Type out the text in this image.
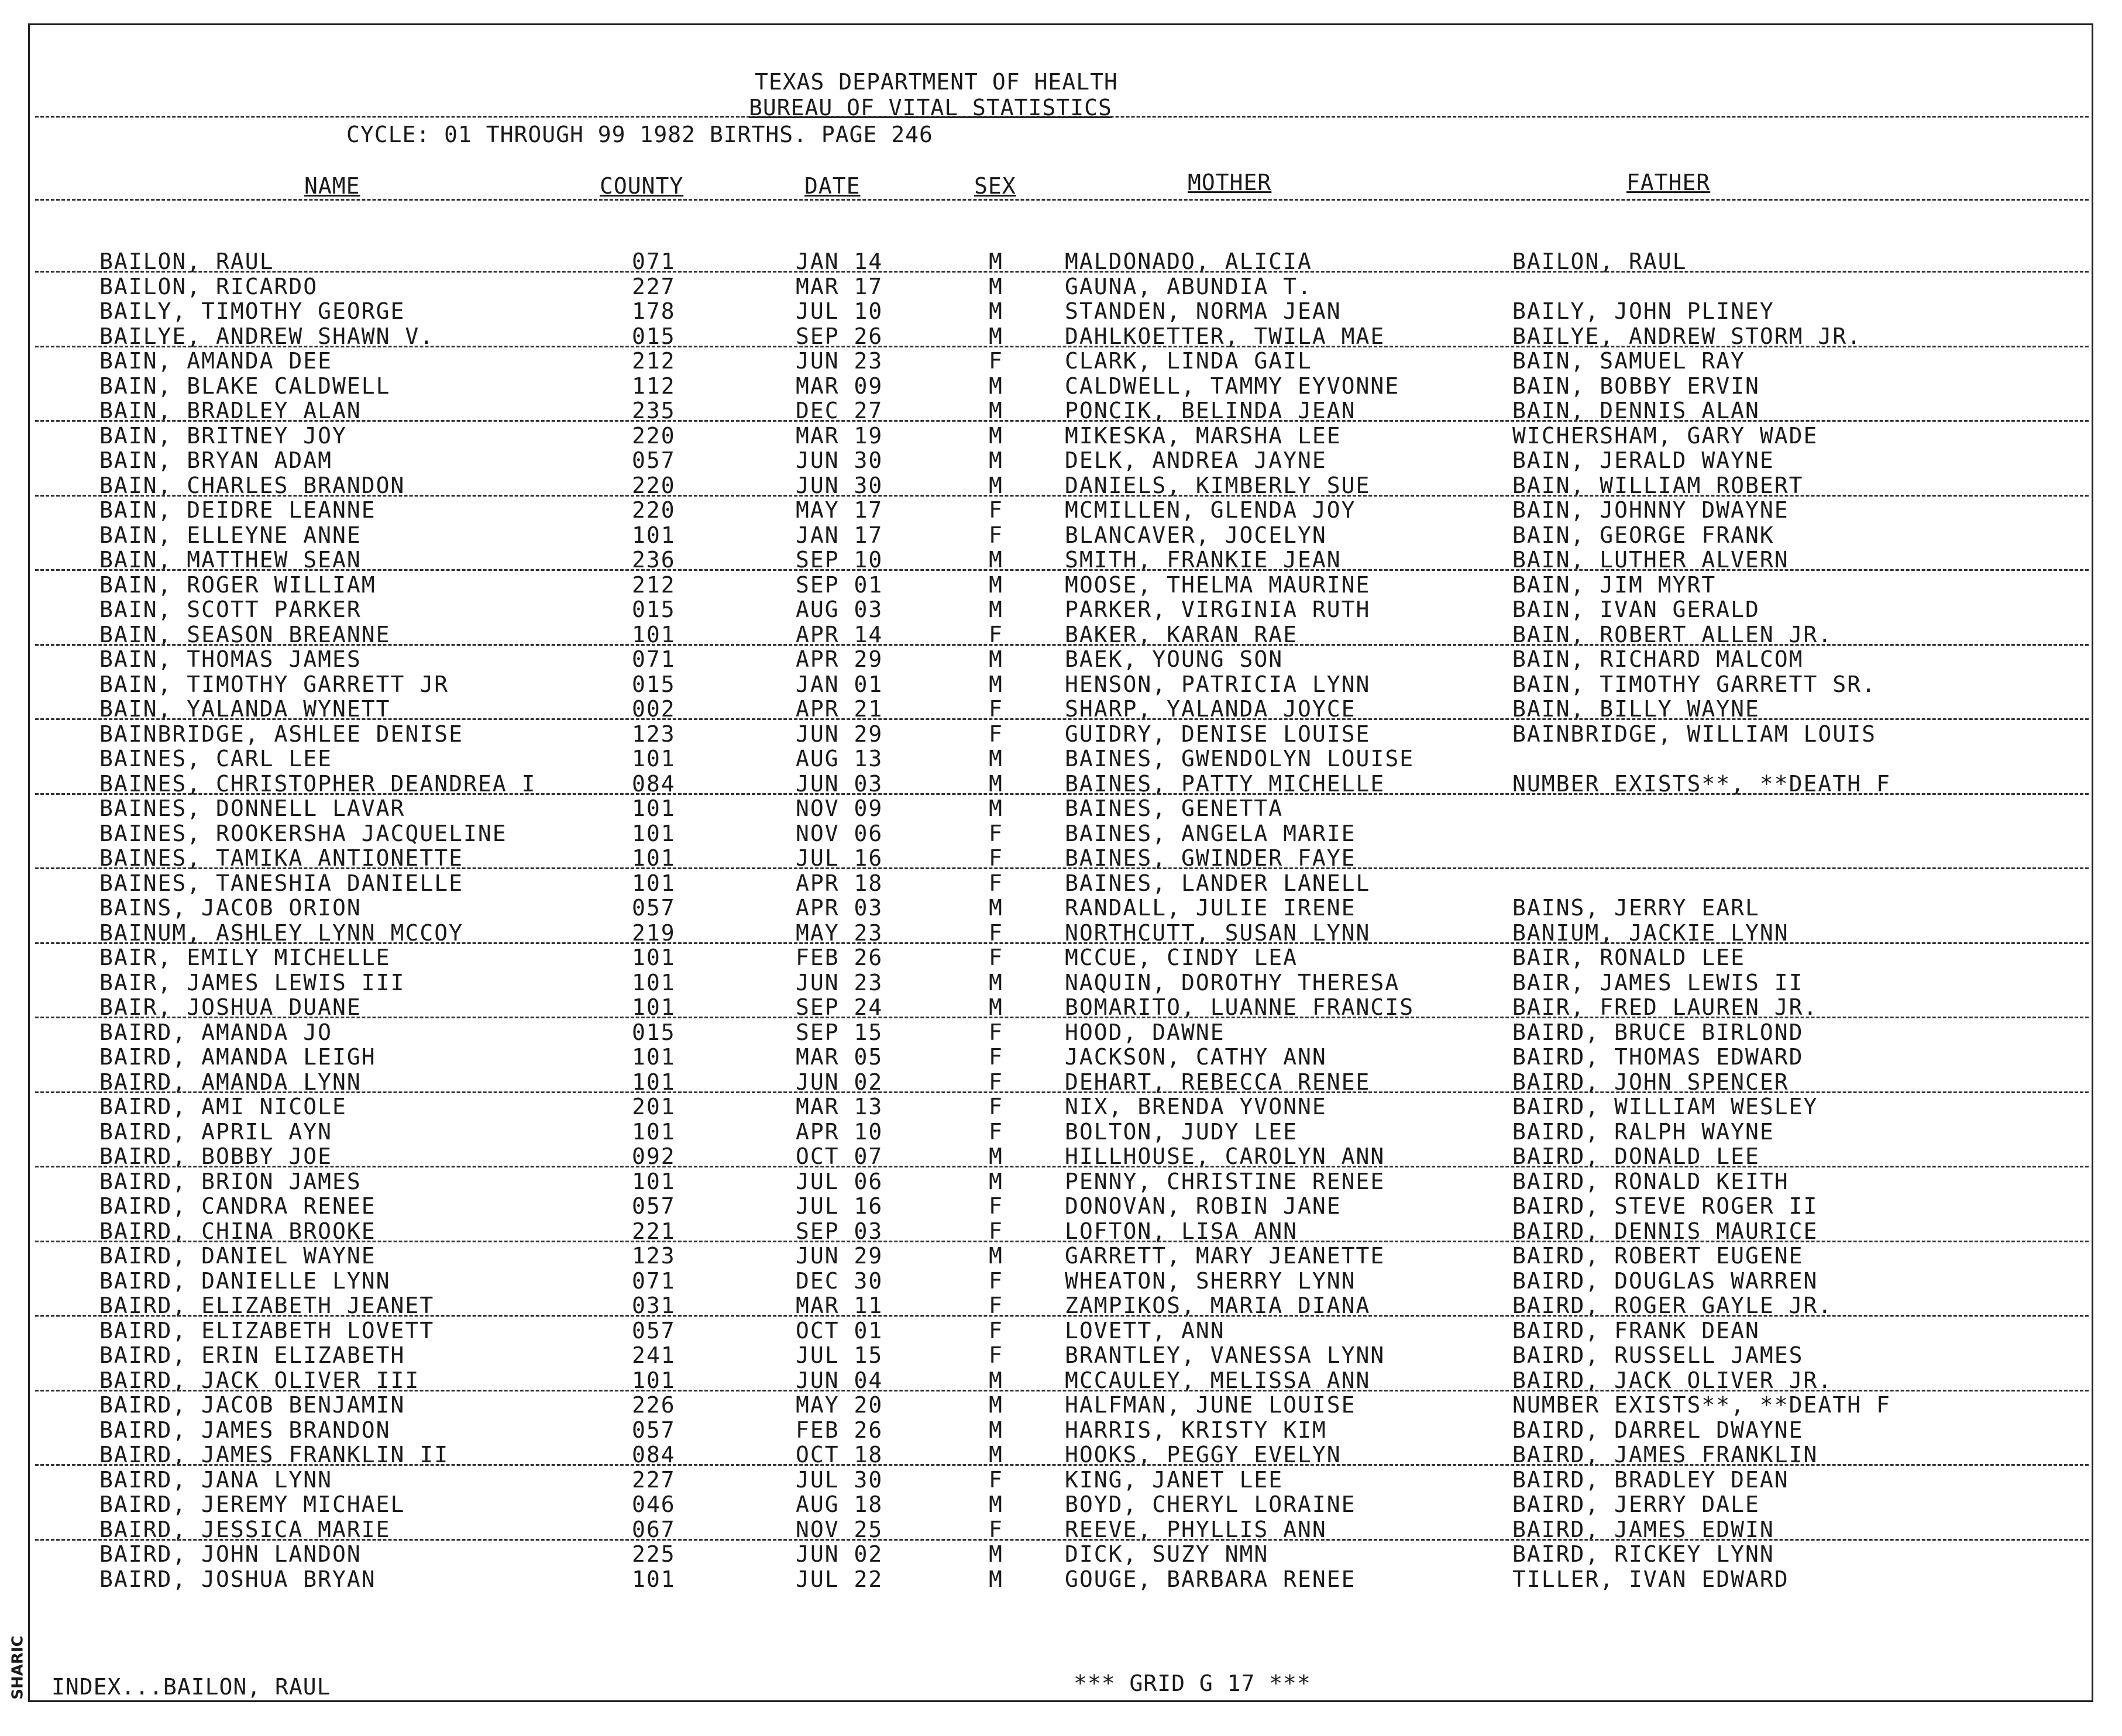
SHARIC
TEXAS DEPARTMENT OF HEALTH
BUREAU OF VITAL STATISTICS
CYCLE: 01 THROUGH 99 1982 BIRTHS. PAGE 246
NAME	COUNTY	DATE	SEX	MOTHER	FATHER
BAILON, RAUL	071	JAN 14	M	MALDONADO, ALICIA	BAILON, RAUL
BAILON, RICARDO	227	MAR 17	M	GAUNA, ABUNDIA T.
BAILY, TIMOTHY GEORGE	178	JUL 10	M	STANDEN, NORMA JEAN	BAILY, JOHN PLINEY
BAILYE, ANDREW SHAWN V.	015	SEP 26	M	DAHLKOETTER, TWILA MAE	BAILYE, ANDREW STORM JR.
BAIN, AMANDA DEE	212	JUN 23	F	CLARK, LINDA GAIL	BAIN, SAMUEL RAY
BAIN, BLAKE CALDWELL	112	MAR 09	M	CALDWELL, TAMMY EYVONNE	BAIN, BOBBY ERVIN
BAIN, BRADLEY ALAN	235	DEC 27	M	PONCIK, BELINDA JEAN	BAIN, DENNIS ALAN
BAIN, BRITNEY JOY	220	MAR 19	M	MIKESKA, MARSHA LEE	WICHERSHAM, GARY WADE
BAIN, BRYAN ADAM	057	JUN 30	M	DELK, ANDREA JAYNE	BAIN, JERALD WAYNE
BAIN, CHARLES BRANDON	220	JUN 30	M	DANIELS, KIMBERLY SUE	BAIN, WILLIAM ROBERT
BAIN, DEIDRE LEANNE	220	MAY 17	F	MCMILLEN, GLENDA JOY	BAIN, JOHNNY DWAYNE
BAIN, ELLEYNE ANNE	101	JAN 17	F	BLANCAVER, JOCELYN	BAIN, GEORGE FRANK
BAIN, MATTHEW SEAN	236	SEP 10	M	SMITH, FRANKIE JEAN	BAIN, LUTHER ALVERN
BAIN, ROGER WILLIAM	212	SEP 01	M	MOOSE, THELMA MAURINE	BAIN, JIM MYRT
BAIN, SCOTT PARKER	015	AUG 03	M	PARKER, VIRGINIA RUTH	BAIN, IVAN GERALD
BAIN, SEASON BREANNE	101	APR 14	F	BAKER, KARAN RAE	BAIN, ROBERT ALLEN JR.
BAIN, THOMAS JAMES	071	APR 29	M	BAEK, YOUNG SON	BAIN, RICHARD MALCOM
BAIN, TIMOTHY GARRETT JR	015	JAN 01	M	HENSON, PATRICIA LYNN	BAIN, TIMOTHY GARRETT SR.
BAIN, YALANDA WYNETT	002	APR 21	F	SHARP, YALANDA JOYCE	BAIN, BILLY WAYNE
BAINBRIDGE, ASHLEE DENISE	123	JUN 29	F	GUIDRY, DENISE LOUISE	BAINBRIDGE, WILLIAM LOUIS
BAINES, CARL LEE	101	AUG 13	M	BAINES, GWENDOLYN LOUISE
BAINES, CHRISTOPHER DEANDREA I	084	JUN 03	M	BAINES, PATTY MICHELLE	NUMBER EXISTS**, **DEATH F
BAINES, DONNELL LAVAR	101	NOV 09	M	BAINES, GENETTA
BAINES, ROOKERSHA JACQUELINE	101	NOV 06	F	BAINES, ANGELA MARIE
BAINES, TAMIKA ANTIONETTE	101	JUL 16	F	BAINES, GWINDER FAYE
BAINES, TANESHIA DANIELLE	101	APR 18	F	BAINES, LANDER LANELL
BAINS, JACOB ORION	057	APR 03	M	RANDALL, JULIE IRENE	BAINS, JERRY EARL
BAINUM, ASHLEY LYNN MCCOY	219	MAY 23	F	NORTHCUTT, SUSAN LYNN	BANIUM, JACKIE LYNN
BAIR, EMILY MICHELLE	101	FEB 26	F	MCCUE, CINDY LEA	BAIR, RONALD LEE
BAIR, JAMES LEWIS III	101	JUN 23	M	NAQUIN, DOROTHY THERESA	BAIR, JAMES LEWIS II
BAIR, JOSHUA DUANE	101	SEP 24	M	BOMARITO, LUANNE FRANCIS	BAIR, FRED LAUREN JR.
BAIRD, AMANDA JO	015	SEP 15	F	HOOD, DAWNE	BAIRD, BRUCE BIRLOND
BAIRD, AMANDA LEIGH	101	MAR 05	F	JACKSON, CATHY ANN	BAIRD, THOMAS EDWARD
BAIRD, AMANDA LYNN	101	JUN 02	F	DEHART, REBECCA RENEE	BAIRD, JOHN SPENCER
BAIRD, AMI NICOLE	201	MAR 13	F	NIX, BRENDA YVONNE	BAIRD, WILLIAM WESLEY
BAIRD, APRIL AYN	101	APR 10	F	BOLTON, JUDY LEE	BAIRD, RALPH WAYNE
BAIRD, BOBBY JOE	092	OCT 07	M	HILLHOUSE, CAROLYN ANN	BAIRD, DONALD LEE
BAIRD, BRION JAMES	101	JUL 06	M	PENNY, CHRISTINE RENEE	BAIRD, RONALD KEITH
BAIRD, CANDRA RENEE	057	JUL 16	F	DONOVAN, ROBIN JANE	BAIRD, STEVE ROGER II
BAIRD, CHINA BROOKE	221	SEP 03	F	LOFTON, LISA ANN	BAIRD, DENNIS MAURICE
BAIRD, DANIEL WAYNE	123	JUN 29	M	GARRETT, MARY JEANETTE	BAIRD, ROBERT EUGENE
BAIRD, DANIELLE LYNN	071	DEC 30	F	WHEATON, SHERRY LYNN	BAIRD, DOUGLAS WARREN
BAIRD, ELIZABETH JEANET	031	MAR 11	F	ZAMPIKOS, MARIA DIANA	BAIRD, ROGER GAYLE JR.
BAIRD, ELIZABETH LOVETT	057	OCT 01	F	LOVETT, ANN	BAIRD, FRANK DEAN
BAIRD, ERIN ELIZABETH	241	JUL 15	F	BRANTLEY, VANESSA LYNN	BAIRD, RUSSELL JAMES
BAIRD, JACK OLIVER III	101	JUN 04	M	MCCAULEY, MELISSA ANN	BAIRD, JACK OLIVER JR.
BAIRD, JACOB BENJAMIN	226	MAY 20	M	HALFMAN, JUNE LOUISE	NUMBER EXISTS**, **DEATH F
BAIRD, JAMES BRANDON	057	FEB 26	M	HARRIS, KRISTY KIM	BAIRD, DARREL DWAYNE
BAIRD, JAMES FRANKLIN II	084	OCT 18	M	HOOKS, PEGGY EVELYN	BAIRD, JAMES FRANKLIN
BAIRD, JANA LYNN	227	JUL 30	F	KING, JANET LEE	BAIRD, BRADLEY DEAN
BAIRD, JEREMY MICHAEL	046	AUG 18	M	BOYD, CHERYL LORAINE	BAIRD, JERRY DALE
BAIRD, JESSICA MARIE	067	NOV 25	F	REEVE, PHYLLIS ANN	BAIRD, JAMES EDWIN
BAIRD, JOHN LANDON	225	JUN 02	M	DICK, SUZY NMN	BAIRD, RICKEY LYNN
BAIRD, JOSHUA BRYAN	101	JUL 22	M	GOUGE, BARBARA RENEE	TILLER, IVAN EDWARD
INDEX...BAILON, RAUL	*** GRID G 17 ***
